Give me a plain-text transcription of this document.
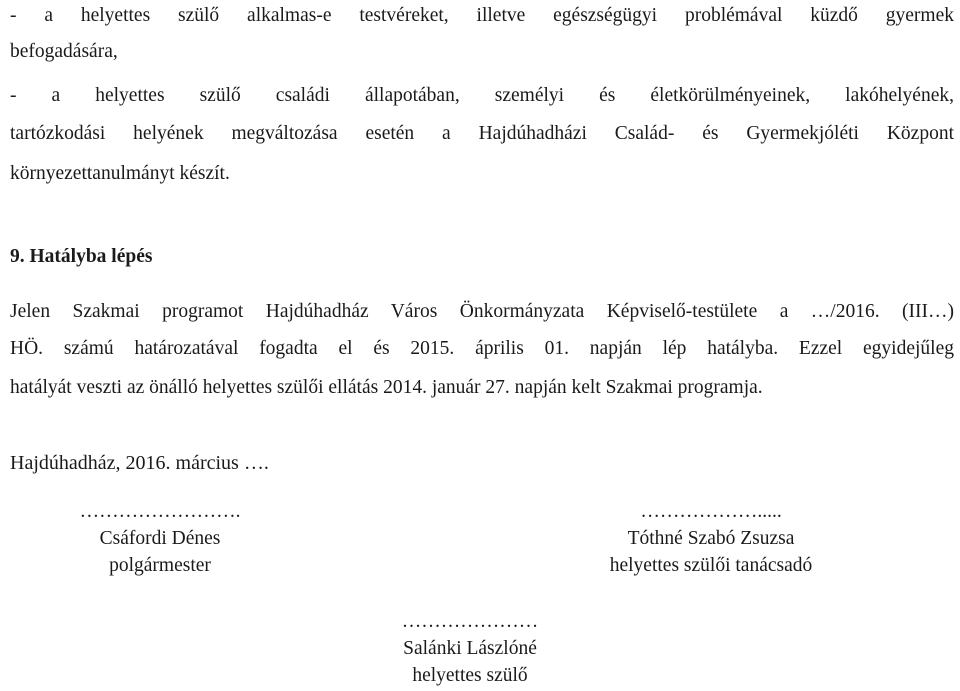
- a helyettes szülő alkalmas-e testvéreket, illetve egészségügyi problémával küzdő gyermek
befogadására,
- a helyettes szülő családi állapotában, személyi és életkörülményeinek, lakóhelyének,
tartózkodási helyének megváltozása esetén a Hajdúhadházi Család- és Gyermekjóléti Központ
környezettanulmányt készít.
9. Hatályba lépés
Jelen Szakmai programot Hajdúhadház Város Önkormányzata Képviselő-testülete a …/2016. (III…)
HÖ. számú határozatával fogadta el és 2015. április 01. napján lép hatályba. Ezzel egyidejűleg
hatályát veszti az önálló helyettes szülői ellátás 2014. január 27. napján kelt Szakmai programja.
Hajdúhadház, 2016. március ….
…………………….
Csáfordi Dénes
polgármester
……………….....
Tóthné Szabó Zsuzsa
helyettes szülői tanácsadó
…………………
Salánki Lászlóné
helyettes szülő
